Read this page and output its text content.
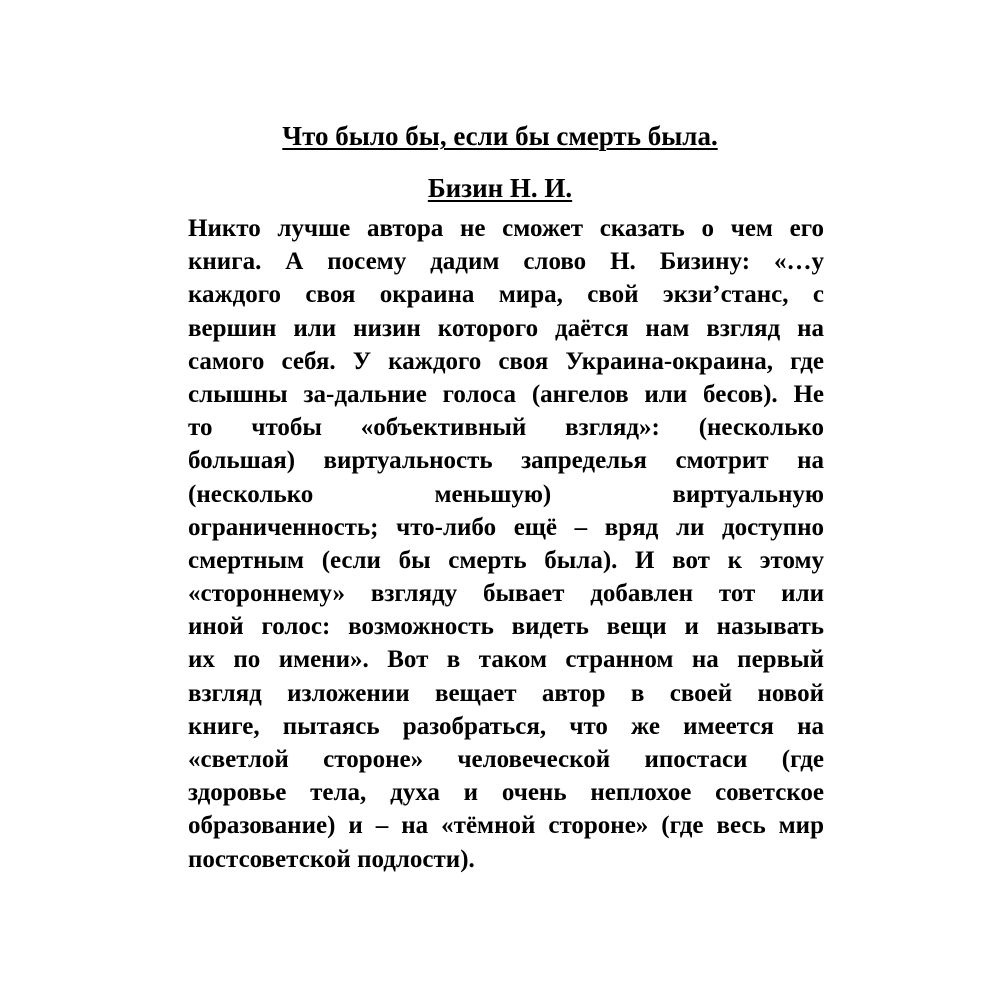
Что было бы, если бы смерть была.
Бизин Н. И.
Никто лучше автора не сможет сказать о чем его
книга. А посему дадим слово Н. Бизину: «…у
каждого своя окраина мира, свой экзи’станс, с
вершин или низин которого даётся нам взгляд на
самого себя. У каждого своя Украина-окраина, где
слышны за-дальние голоса (ангелов или бесов). Не
то чтобы «объективный взгляд»: (несколько
большая) виртуальность запределья смотрит на
(несколько меньшую) виртуальную
ограниченность; что-либо ещё – вряд ли доступно
смертным (если бы смерть была). И вот к этому
«стороннему» взгляду бывает добавлен тот или
иной голос: возможность видеть вещи и называть
их по имени». Вот в таком странном на первый
взгляд изложении вещает автор в своей новой
книге, пытаясь разобраться, что же имеется на
«светлой стороне» человеческой ипостаси (где
здоровье тела, духа и очень неплохое советское
образование) и – на «тёмной стороне» (где весь мир
постсоветской подлости).
